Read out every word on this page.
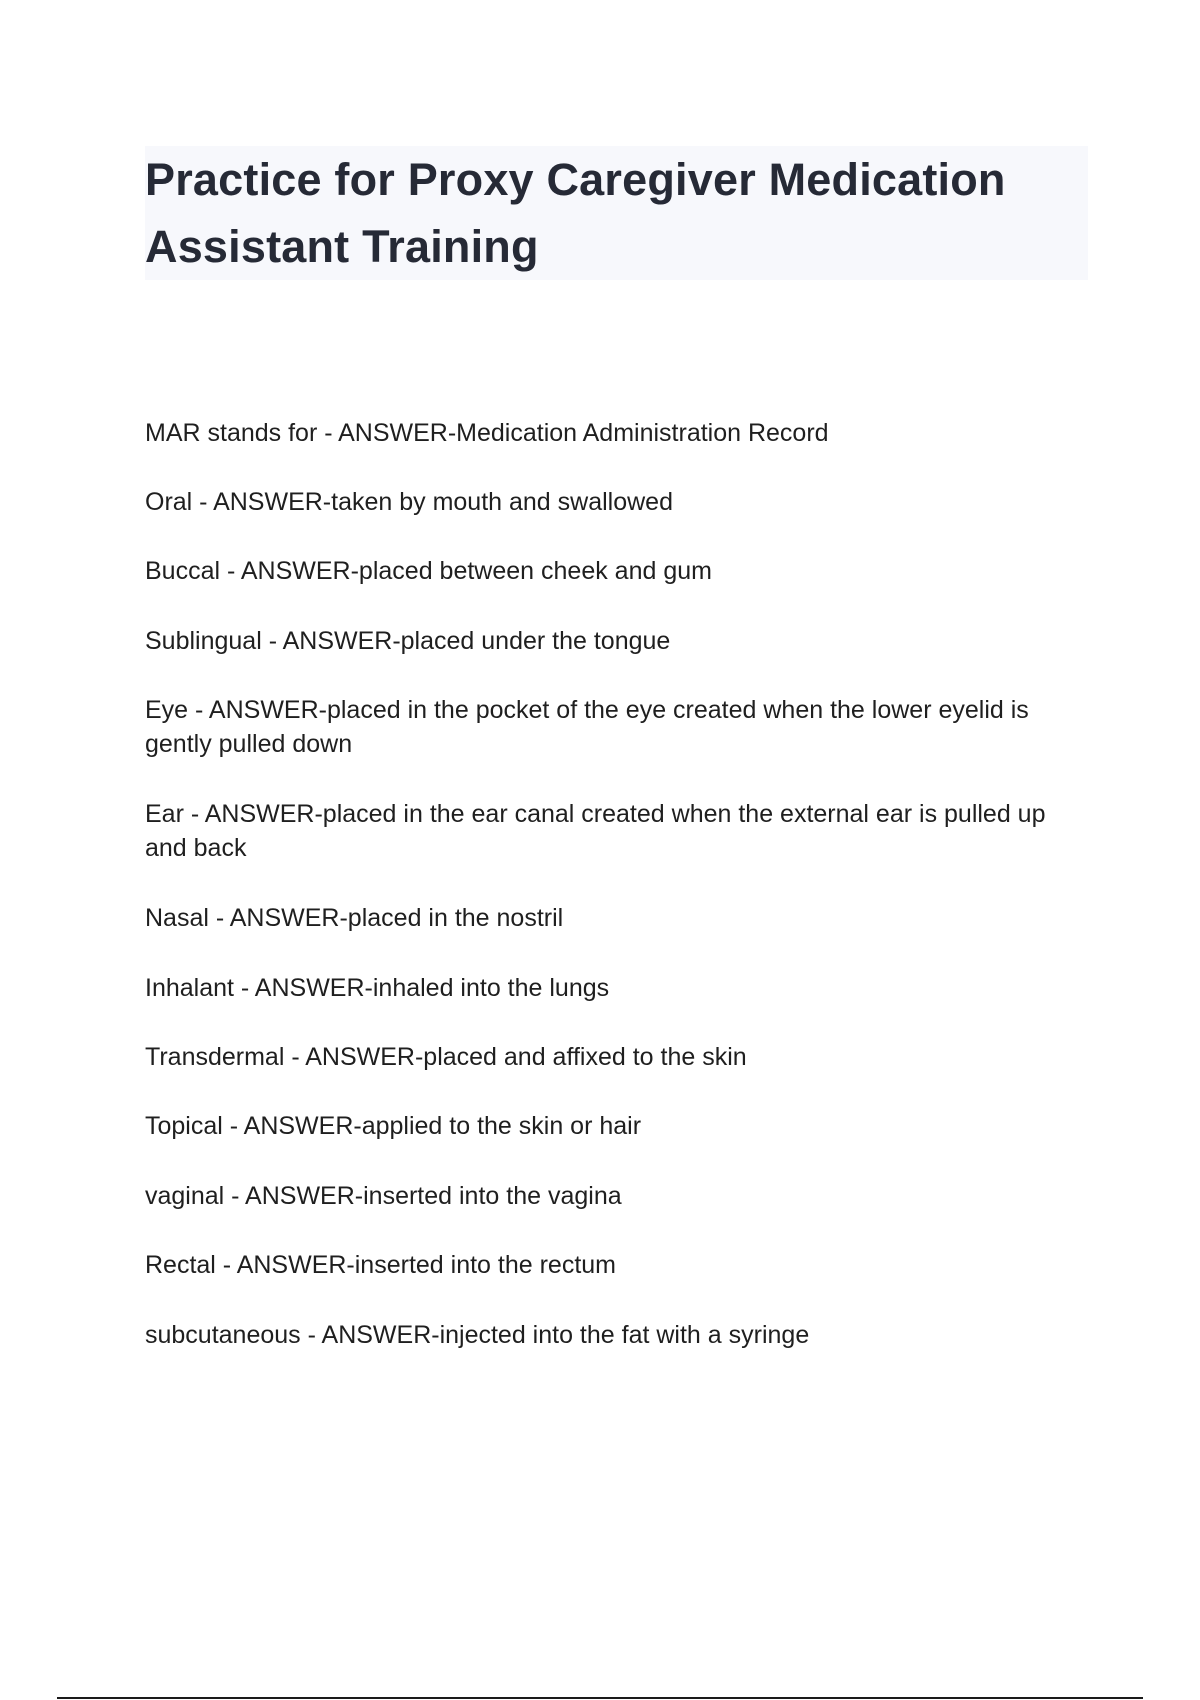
Practice for Proxy Caregiver Medication Assistant Training
MAR stands for - ANSWER-Medication Administration Record
Oral - ANSWER-taken by mouth and swallowed
Buccal - ANSWER-placed between cheek and gum
Sublingual - ANSWER-placed under the tongue
Eye - ANSWER-placed in the pocket of the eye created when the lower eyelid is gently pulled down
Ear - ANSWER-placed in the ear canal created when the external ear is pulled up and back
Nasal - ANSWER-placed in the nostril
Inhalant - ANSWER-inhaled into the lungs
Transdermal - ANSWER-placed and affixed to the skin
Topical - ANSWER-applied to the skin or hair
vaginal - ANSWER-inserted into the vagina
Rectal - ANSWER-inserted into the rectum
subcutaneous - ANSWER-injected into the fat with a syringe
